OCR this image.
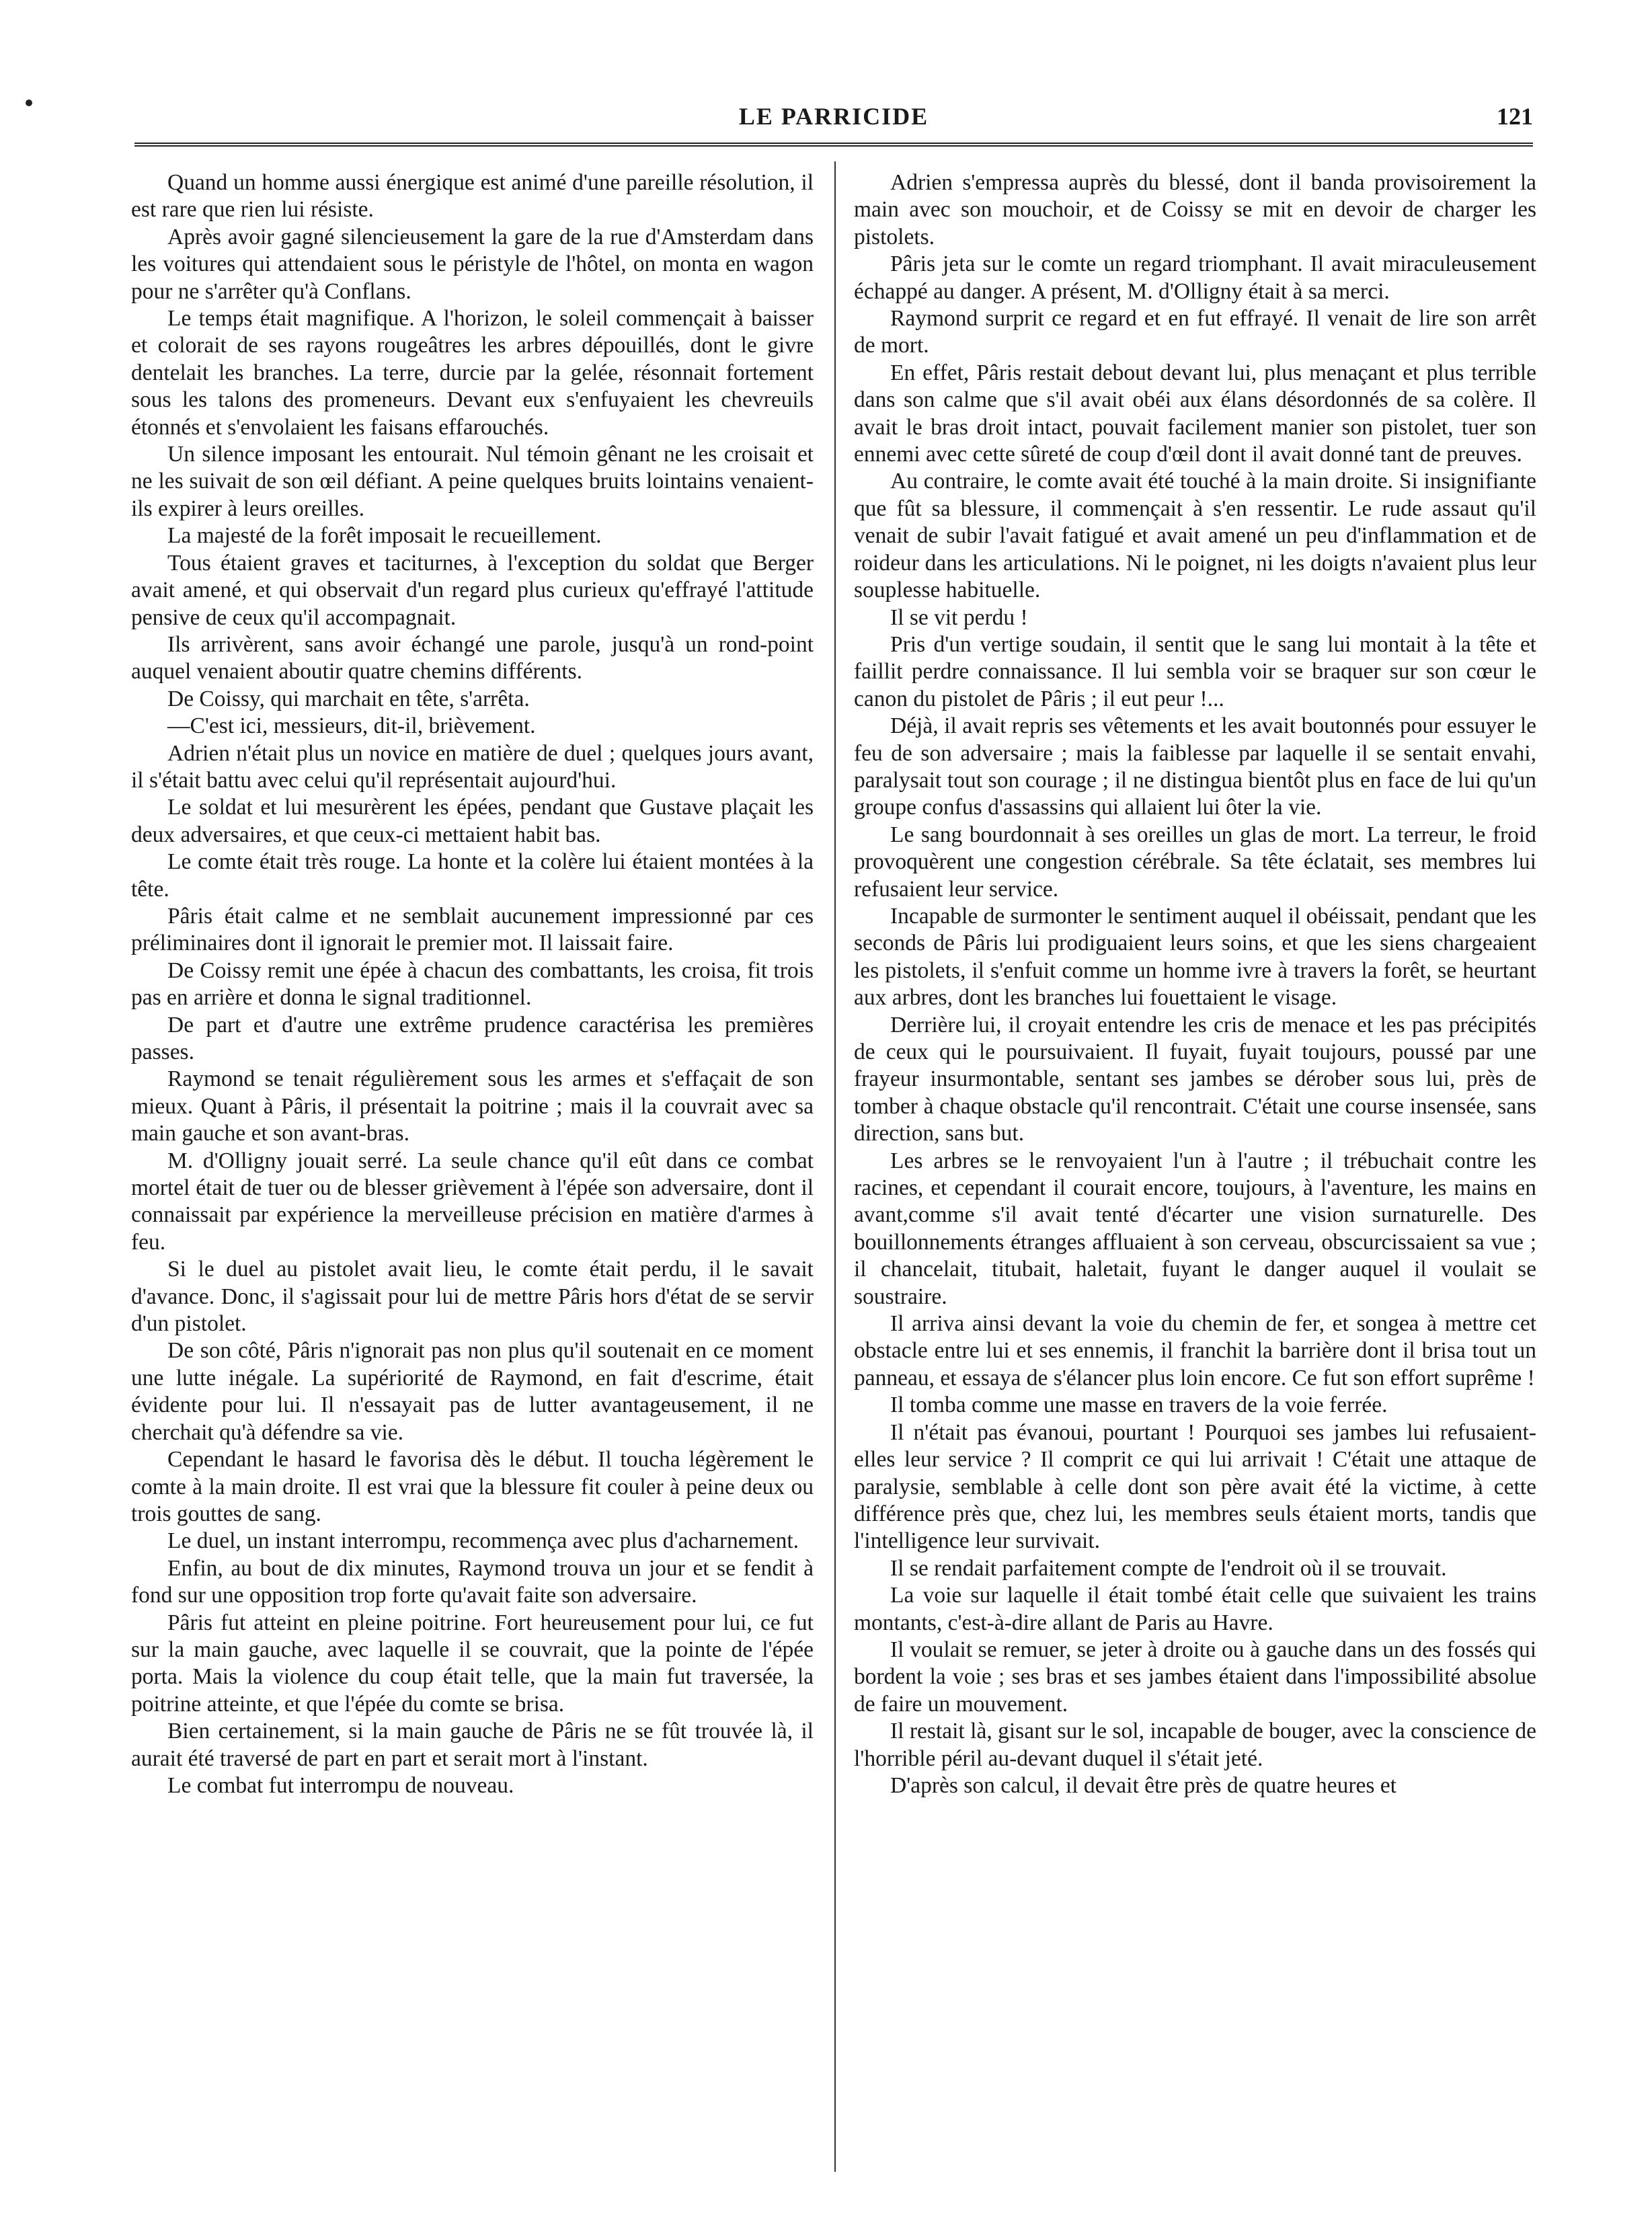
LE PARRICIDE	121

Quand un homme aussi énergique est animé d'une pareille résolution, il est rare que rien lui résiste.

Après avoir gagné silencieusement la gare de la rue d'Amsterdam dans les voitures qui attendaient sous le péristyle de l'hôtel, on monta en wagon pour ne s'arrêter qu'à Conflans.

Le temps était magnifique. A l'horizon, le soleil commençait à baisser et colorait de ses rayons rougeâtres les arbres dépouillés, dont le givre dentelait les branches. La terre, durcie par la gelée, résonnait fortement sous les talons des promeneurs. Devant eux s'enfuyaient les chevreuils étonnés et s'envolaient les faisans effarouchés.

Un silence imposant les entourait. Nul témoin gênant ne les croisait et ne les suivait de son œil défiant. A peine quelques bruits lointains venaient-ils expirer à leurs oreilles.

La majesté de la forêt imposait le recueillement.

Tous étaient graves et taciturnes, à l'exception du soldat que Berger avait amené, et qui observait d'un regard plus curieux qu'effrayé l'attitude pensive de ceux qu'il accompagnait.

Ils arrivèrent, sans avoir échangé une parole, jusqu'à un rond-point auquel venaient aboutir quatre chemins différents.

De Coissy, qui marchait en tête, s'arrêta.

—C'est ici, messieurs, dit-il, brièvement.

Adrien n'était plus un novice en matière de duel ; quelques jours avant, il s'était battu avec celui qu'il représentait aujourd'hui.

Le soldat et lui mesurèrent les épées, pendant que Gustave plaçait les deux adversaires, et que ceux-ci mettaient habit bas.

Le comte était très rouge. La honte et la colère lui étaient montées à la tête.

Pâris était calme et ne semblait aucunement impressionné par ces préliminaires dont il ignorait le premier mot. Il laissait faire.

De Coissy remit une épée à chacun des combattants, les croisa, fit trois pas en arrière et donna le signal traditionnel.

De part et d'autre une extrême prudence caractérisa les premières passes.

Raymond se tenait régulièrement sous les armes et s'effaçait de son mieux. Quant à Pâris, il présentait la poitrine ; mais il la couvrait avec sa main gauche et son avant-bras.

M. d'Olligny jouait serré. La seule chance qu'il eût dans ce combat mortel était de tuer ou de blesser grièvement à l'épée son adversaire, dont il connaissait par expérience la merveilleuse précision en matière d'armes à feu.

Si le duel au pistolet avait lieu, le comte était perdu, il le savait d'avance. Donc, il s'agissait pour lui de mettre Pâris hors d'état de se servir d'un pistolet.

De son côté, Pâris n'ignorait pas non plus qu'il soutenait en ce moment une lutte inégale. La supériorité de Raymond, en fait d'escrime, était évidente pour lui. Il n'essayait pas de lutter avantageusement, il ne cherchait qu'à défendre sa vie.

Cependant le hasard le favorisa dès le début. Il toucha légèrement le comte à la main droite. Il est vrai que la blessure fit couler à peine deux ou trois gouttes de sang.

Le duel, un instant interrompu, recommença avec plus d'acharnement.

Enfin, au bout de dix minutes, Raymond trouva un jour et se fendit à fond sur une opposition trop forte qu'avait faite son adversaire.

Pâris fut atteint en pleine poitrine. Fort heureusement pour lui, ce fut sur la main gauche, avec laquelle il se couvrait, que la pointe de l'épée porta. Mais la violence du coup était telle, que la main fut traversée, la poitrine atteinte, et que l'épée du comte se brisa.

Bien certainement, si la main gauche de Pâris ne se fût trouvée là, il aurait été traversé de part en part et serait mort à l'instant.

Le combat fut interrompu de nouveau.

Adrien s'empressa auprès du blessé, dont il banda provisoirement la main avec son mouchoir, et de Coissy se mit en devoir de charger les pistolets.

Pâris jeta sur le comte un regard triomphant. Il avait miraculeusement échappé au danger. A présent, M. d'Olligny était à sa merci.

Raymond surprit ce regard et en fut effrayé. Il venait de lire son arrêt de mort.

En effet, Pâris restait debout devant lui, plus menaçant et plus terrible dans son calme que s'il avait obéi aux élans désordonnés de sa colère. Il avait le bras droit intact, pouvait facilement manier son pistolet, tuer son ennemi avec cette sûreté de coup d'œil dont il avait donné tant de preuves.

Au contraire, le comte avait été touché à la main droite. Si insignifiante que fût sa blessure, il commençait à s'en ressentir. Le rude assaut qu'il venait de subir l'avait fatigué et avait amené un peu d'inflammation et de roideur dans les articulations. Ni le poignet, ni les doigts n'avaient plus leur souplesse habituelle.

Il se vit perdu !

Pris d'un vertige soudain, il sentit que le sang lui montait à la tête et faillit perdre connaissance. Il lui sembla voir se braquer sur son cœur le canon du pistolet de Pâris ; il eut peur !...

Déjà, il avait repris ses vêtements et les avait boutonnés pour essuyer le feu de son adversaire ; mais la faiblesse par laquelle il se sentait envahi, paralysait tout son courage ; il ne distingua bientôt plus en face de lui qu'un groupe confus d'assassins qui allaient lui ôter la vie.

Le sang bourdonnait à ses oreilles un glas de mort. La terreur, le froid provoquèrent une congestion cérébrale. Sa tête éclatait, ses membres lui refusaient leur service.

Incapable de surmonter le sentiment auquel il obéissait, pendant que les seconds de Pâris lui prodiguaient leurs soins, et que les siens chargeaient les pistolets, il s'enfuit comme un homme ivre à travers la forêt, se heurtant aux arbres, dont les branches lui fouettaient le visage.

Derrière lui, il croyait entendre les cris de menace et les pas précipités de ceux qui le poursuivaient. Il fuyait, fuyait toujours, poussé par une frayeur insurmontable, sentant ses jambes se dérober sous lui, près de tomber à chaque obstacle qu'il rencontrait. C'était une course insensée, sans direction, sans but.

Les arbres se le renvoyaient l'un à l'autre ; il trébuchait contre les racines, et cependant il courait encore, toujours, à l'aventure, les mains en avant,comme s'il avait tenté d'écarter une vision surnaturelle. Des bouillonnements étranges affluaient à son cerveau, obscurcissaient sa vue ; il chancelait, titubait, haletait, fuyant le danger auquel il voulait se soustraire.

Il arriva ainsi devant la voie du chemin de fer, et songea à mettre cet obstacle entre lui et ses ennemis, il franchit la barrière dont il brisa tout un panneau, et essaya de s'élancer plus loin encore. Ce fut son effort suprême !

Il tomba comme une masse en travers de la voie ferrée.

Il n'était pas évanoui, pourtant ! Pourquoi ses jambes lui refusaient-elles leur service ? Il comprit ce qui lui arrivait ! C'était une attaque de paralysie, semblable à celle dont son père avait été la victime, à cette différence près que, chez lui, les membres seuls étaient morts, tandis que l'intelligence leur survivait.

Il se rendait parfaitement compte de l'endroit où il se trouvait.

La voie sur laquelle il était tombé était celle que suivaient les trains montants, c'est-à-dire allant de Paris au Havre.

Il voulait se remuer, se jeter à droite ou à gauche dans un des fossés qui bordent la voie ; ses bras et ses jambes étaient dans l'impossibilité absolue de faire un mouvement.

Il restait là, gisant sur le sol, incapable de bouger, avec la conscience de l'horrible péril au-devant duquel il s'était jeté.

D'après son calcul, il devait être près de quatre heures et
